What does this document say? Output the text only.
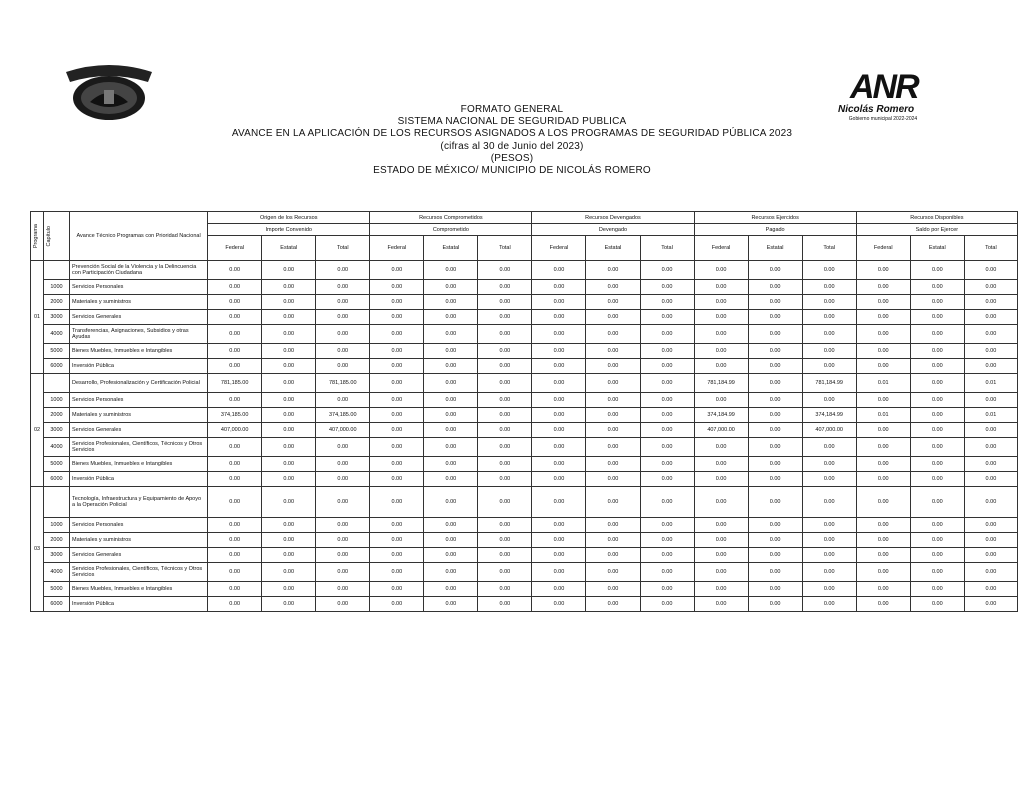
ANR
Nicolás Romero
Gobierno municipal 2022-2024
FORMATO GENERAL
SISTEMA NACIONAL DE SEGURIDAD PUBLICA
AVANCE EN LA APLICACIÓN DE LOS RECURSOS ASIGNADOS A LOS PROGRAMAS DE SEGURIDAD PÚBLICA 2023
(cifras al 30 de Junio del 2023)
(PESOS)
ESTADO DE MÉXICO/ MUNICIPIO DE NICOLÁS ROMERO
Programa	Capítulo	Avance Técnico Programas con Prioridad Nacional	Origen de los Recursos			Recursos Comprometidos			Recursos Devengados			Recursos Ejercidos			Recursos Disponibles		
			Importe Convenido			Comprometido			Devengado			Pagado			Saldo por Ejercer		
			Federal	Estatal	Total	Federal	Estatal	Total	Federal	Estatal	Total	Federal	Estatal	Total	Federal	Estatal	Total
01		Prevención Social de la Violencia y la Delincuencia con Participación Ciudadana	0.00	0.00	0.00	0.00	0.00	0.00	0.00	0.00	0.00	0.00	0.00	0.00	0.00	0.00	0.00
	1000	Servicios Personales	0.00	0.00	0.00	0.00	0.00	0.00	0.00	0.00	0.00	0.00	0.00	0.00	0.00	0.00	0.00
	2000	Materiales y suministros	0.00	0.00	0.00	0.00	0.00	0.00	0.00	0.00	0.00	0.00	0.00	0.00	0.00	0.00	0.00
	3000	Servicios Generales	0.00	0.00	0.00	0.00	0.00	0.00	0.00	0.00	0.00	0.00	0.00	0.00	0.00	0.00	0.00
	4000	Transferencias, Asignaciones, Subsidios y otras Ayudas	0.00	0.00	0.00	0.00	0.00	0.00	0.00	0.00	0.00	0.00	0.00	0.00	0.00	0.00	0.00
	5000	Bienes Muebles, Inmuebles e Intangibles	0.00	0.00	0.00	0.00	0.00	0.00	0.00	0.00	0.00	0.00	0.00	0.00	0.00	0.00	0.00
	6000	Inversión Pública	0.00	0.00	0.00	0.00	0.00	0.00	0.00	0.00	0.00	0.00	0.00	0.00	0.00	0.00	0.00
02		Desarrollo, Profesionalización y Certificación Policial	781,185.00	0.00	781,185.00	0.00	0.00	0.00	0.00	0.00	0.00	781,184.99	0.00	781,184.99	0.01	0.00	0.01
	1000	Servicios Personales	0.00	0.00	0.00	0.00	0.00	0.00	0.00	0.00	0.00	0.00	0.00	0.00	0.00	0.00	0.00
	2000	Materiales y suministros	374,185.00	0.00	374,185.00	0.00	0.00	0.00	0.00	0.00	0.00	374,184.99	0.00	374,184.99	0.01	0.00	0.01
	3000	Servicios Generales	407,000.00	0.00	407,000.00	0.00	0.00	0.00	0.00	0.00	0.00	407,000.00	0.00	407,000.00	0.00	0.00	0.00
	4000	Servicios Profesionales, Científicos, Técnicos y Otros Servicios	0.00	0.00	0.00	0.00	0.00	0.00	0.00	0.00	0.00	0.00	0.00	0.00	0.00	0.00	0.00
	5000	Bienes Muebles, Inmuebles e Intangibles	0.00	0.00	0.00	0.00	0.00	0.00	0.00	0.00	0.00	0.00	0.00	0.00	0.00	0.00	0.00
	6000	Inversión Pública	0.00	0.00	0.00	0.00	0.00	0.00	0.00	0.00	0.00	0.00	0.00	0.00	0.00	0.00	0.00
03		Tecnología, Infraestructura y Equipamiento de Apoyo a la Operación Policial	0.00	0.00	0.00	0.00	0.00	0.00	0.00	0.00	0.00	0.00	0.00	0.00	0.00	0.00	0.00
	1000	Servicios Personales	0.00	0.00	0.00	0.00	0.00	0.00	0.00	0.00	0.00	0.00	0.00	0.00	0.00	0.00	0.00
	2000	Materiales y suministros	0.00	0.00	0.00	0.00	0.00	0.00	0.00	0.00	0.00	0.00	0.00	0.00	0.00	0.00	0.00
	3000	Servicios Generales	0.00	0.00	0.00	0.00	0.00	0.00	0.00	0.00	0.00	0.00	0.00	0.00	0.00	0.00	0.00
	4000	Servicios Profesionales, Científicos, Técnicos y Otros Servicios	0.00	0.00	0.00	0.00	0.00	0.00	0.00	0.00	0.00	0.00	0.00	0.00	0.00	0.00	0.00
	5000	Bienes Muebles, Inmuebles e Intangibles	0.00	0.00	0.00	0.00	0.00	0.00	0.00	0.00	0.00	0.00	0.00	0.00	0.00	0.00	0.00
	6000	Inversión Pública	0.00	0.00	0.00	0.00	0.00	0.00	0.00	0.00	0.00	0.00	0.00	0.00	0.00	0.00	0.00
